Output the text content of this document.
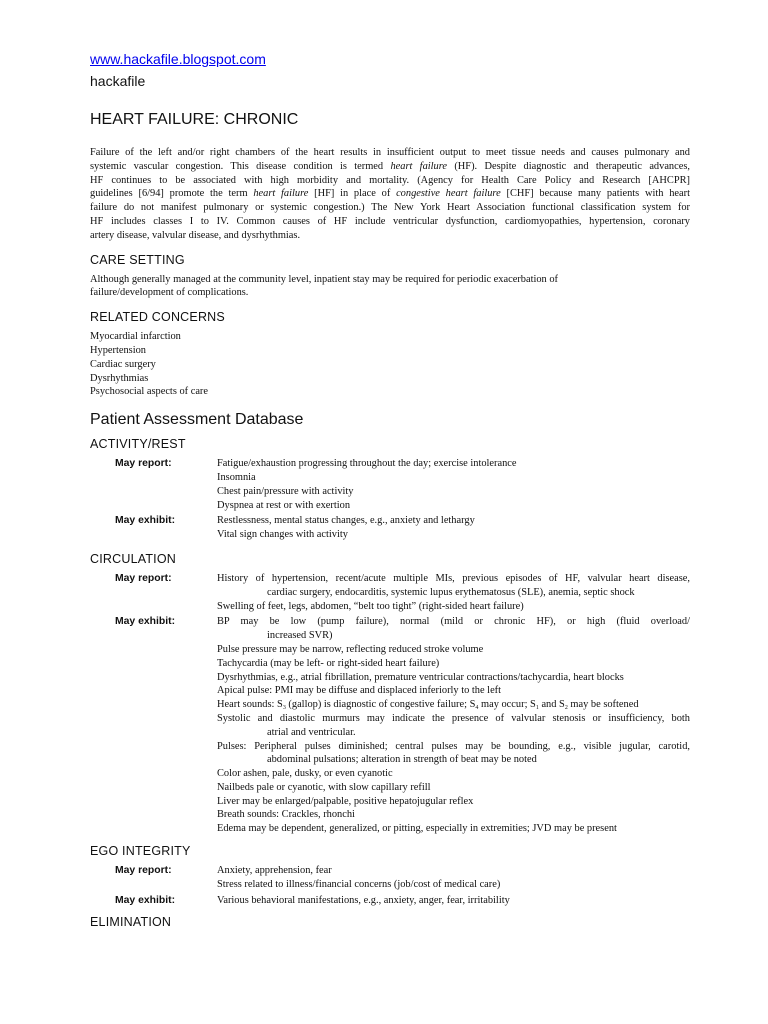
www.hackafile.blogspot.com
hackafile
HEART FAILURE: CHRONIC
Failure of the left and/or right chambers of the heart results in insufficient output to meet tissue needs and causes pulmonary and
systemic vascular congestion. This disease condition is termed heart failure (HF). Despite diagnostic and therapeutic advances,
HF continues to be associated with high morbidity and mortality. (Agency for Health Care Policy and Research [AHCPR]
guidelines [6/94] promote the term heart failure [HF] in place of congestive heart failure [CHF] because many patients with heart
failure do not manifest pulmonary or systemic congestion.) The New York Heart Association functional classification system for
HF includes classes I to IV. Common causes of HF include ventricular dysfunction, cardiomyopathies, hypertension, coronary
artery disease, valvular disease, and dysrhythmias.
CARE SETTING
Although generally managed at the community level, inpatient stay may be required for periodic exacerbation of
failure/development of complications.
RELATED CONCERNS
Myocardial infarction
Hypertension
Cardiac surgery
Dysrhythmias
Psychosocial aspects of care
Patient Assessment Database
ACTIVITY/REST
May report:	Fatigue/exhaustion progressing throughout the day; exercise intolerance
Insomnia
Chest pain/pressure with activity
Dyspnea at rest or with exertion
May exhibit:	Restlessness, mental status changes, e.g., anxiety and lethargy
Vital sign changes with activity
CIRCULATION
May report:	History of hypertension, recent/acute multiple MIs, previous episodes of HF, valvular heart disease,
cardiac surgery, endocarditis, systemic lupus erythematosus (SLE), anemia, septic shock
Swelling of feet, legs, abdomen, “belt too tight” (right-sided heart failure)
May exhibit:	BP may be low (pump failure), normal (mild or chronic HF), or high (fluid overload/
increased SVR)
Pulse pressure may be narrow, reflecting reduced stroke volume
Tachycardia (may be left- or right-sided heart failure)
Dysrhythmias, e.g., atrial fibrillation, premature ventricular contractions/tachycardia, heart blocks
Apical pulse: PMI may be diffuse and displaced inferiorly to the left
Heart sounds: $S_3$ (gallop) is diagnostic of congestive failure; $S_4$ may occur; $S_1$ and $S_2$ may be softened
Systolic and diastolic murmurs may indicate the presence of valvular stenosis or insufficiency, both
atrial and ventricular.
Pulses: Peripheral pulses diminished; central pulses may be bounding, e.g., visible jugular, carotid,
abdominal pulsations; alteration in strength of beat may be noted
Color ashen, pale, dusky, or even cyanotic
Nailbeds pale or cyanotic, with slow capillary refill
Liver may be enlarged/palpable, positive hepatojugular reflex
Breath sounds: Crackles, rhonchi
Edema may be dependent, generalized, or pitting, especially in extremities; JVD may be present
EGO INTEGRITY
May report:	Anxiety, apprehension, fear
Stress related to illness/financial concerns (job/cost of medical care)
May exhibit:	Various behavioral manifestations, e.g., anxiety, anger, fear, irritability
ELIMINATION
